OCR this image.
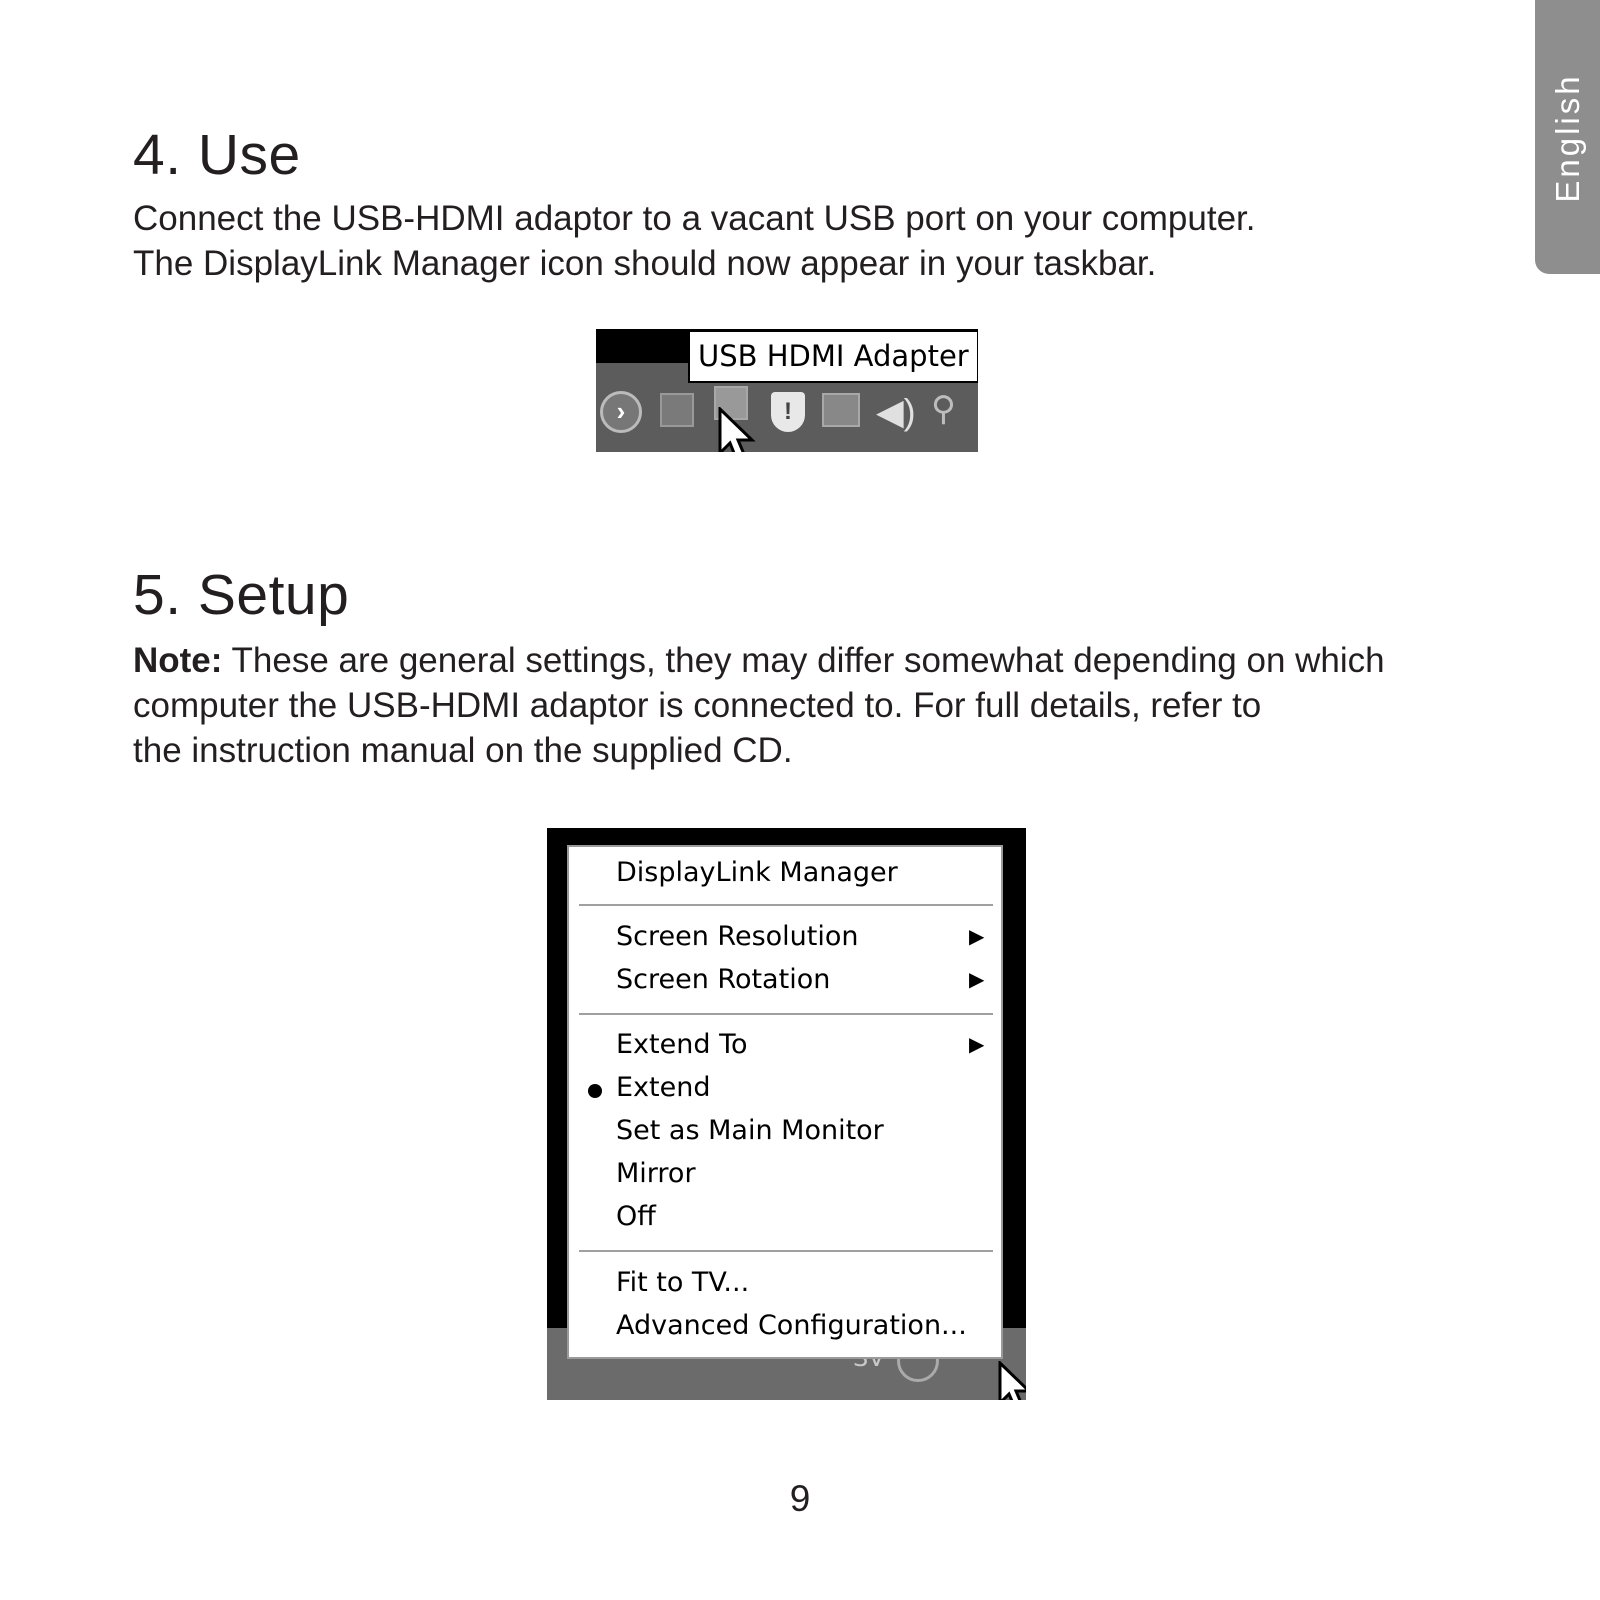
English
4. Use

Connect the USB-HDMI adaptor to a vacant USB port on your computer.
The DisplayLink Manager icon should now appear in your taskbar.

USB HDMI Adapter
›	!	◀︎) ⚲
5. Setup

Note: These are general settings, they may differ somewhat depending on which
computer the USB-HDMI adaptor is connected to. For full details, refer to
the instruction manual on the supplied CD.

DisplayLink Manager
Screen Resolution	▶
Screen Rotation	▶
Extend To	▶
Extend
Set as Main Monitor
Mirror
Off
Fit to TV...
Advanced Configuration...
9
